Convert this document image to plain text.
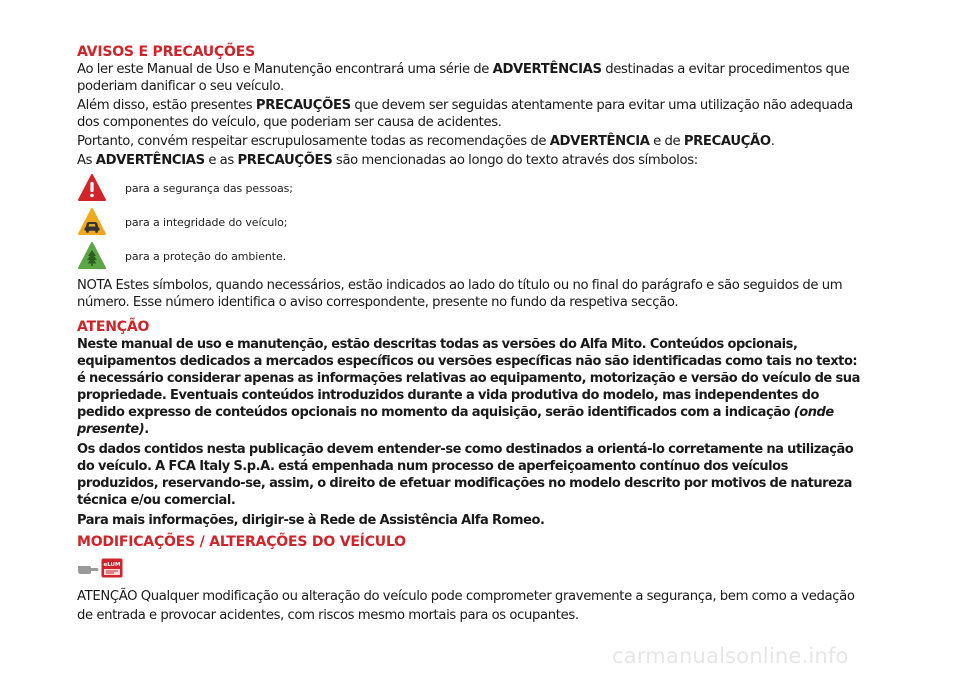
AVISOS E PRECAUÇÕES

Ao ler este Manual de Uso e Manutenção encontrará uma série de ADVERTÊNCIAS destinadas a evitar procedimentos que poderiam danificar o seu veículo.

Além disso, estão presentes PRECAUÇÕES que devem ser seguidas atentamente para evitar uma utilização não adequada dos componentes do veículo, que poderiam ser causa de acidentes.

Portanto, convém respeitar escrupulosamente todas as recomendações de ADVERTÊNCIA e de PRECAUÇÃO.

As ADVERTÊNCIAS e as PRECAUÇÕES são mencionadas ao longo do texto através dos símbolos:

para a segurança das pessoas;
para a integridade do veículo;
para a proteção do ambiente.

NOTA Estes símbolos, quando necessários, estão indicados ao lado do título ou no final do parágrafo e são seguidos de um número. Esse número identifica o aviso correspondente, presente no fundo da respetiva secção.

ATENÇÃO

Neste manual de uso e manutenção, estão descritas todas as versões do Alfa Mito. Conteúdos opcionais, equipamentos dedicados a mercados específicos ou versões específicas não são identificadas como tais no texto: é necessário considerar apenas as informações relativas ao equipamento, motorização e versão do veículo de sua propriedade. Eventuais conteúdos introduzidos durante a vida produtiva do modelo, mas independentes do pedido expresso de conteúdos opcionais no momento da aquisição, serão identificados com a indicação (onde presente).

Os dados contidos nesta publicação devem entender-se como destinados a orientá-lo corretamente na utilização do veículo. A FCA Italy S.p.A. está empenhada num processo de aperfeiçoamento contínuo dos veículos produzidos, reservando-se, assim, o direito de efetuar modificações no modelo descrito por motivos de natureza técnica e/ou comercial.

Para mais informações, dirigir-se à Rede de Assistência Alfa Romeo.

MODIFICAÇÕES / ALTERAÇÕES DO VEÍCULO
eLUM

ATENÇÃO Qualquer modificação ou alteração do veículo pode comprometer gravemente a segurança, bem como a vedação de entrada e provocar acidentes, com riscos mesmo mortais para os ocupantes.

carmanualsonline.info
